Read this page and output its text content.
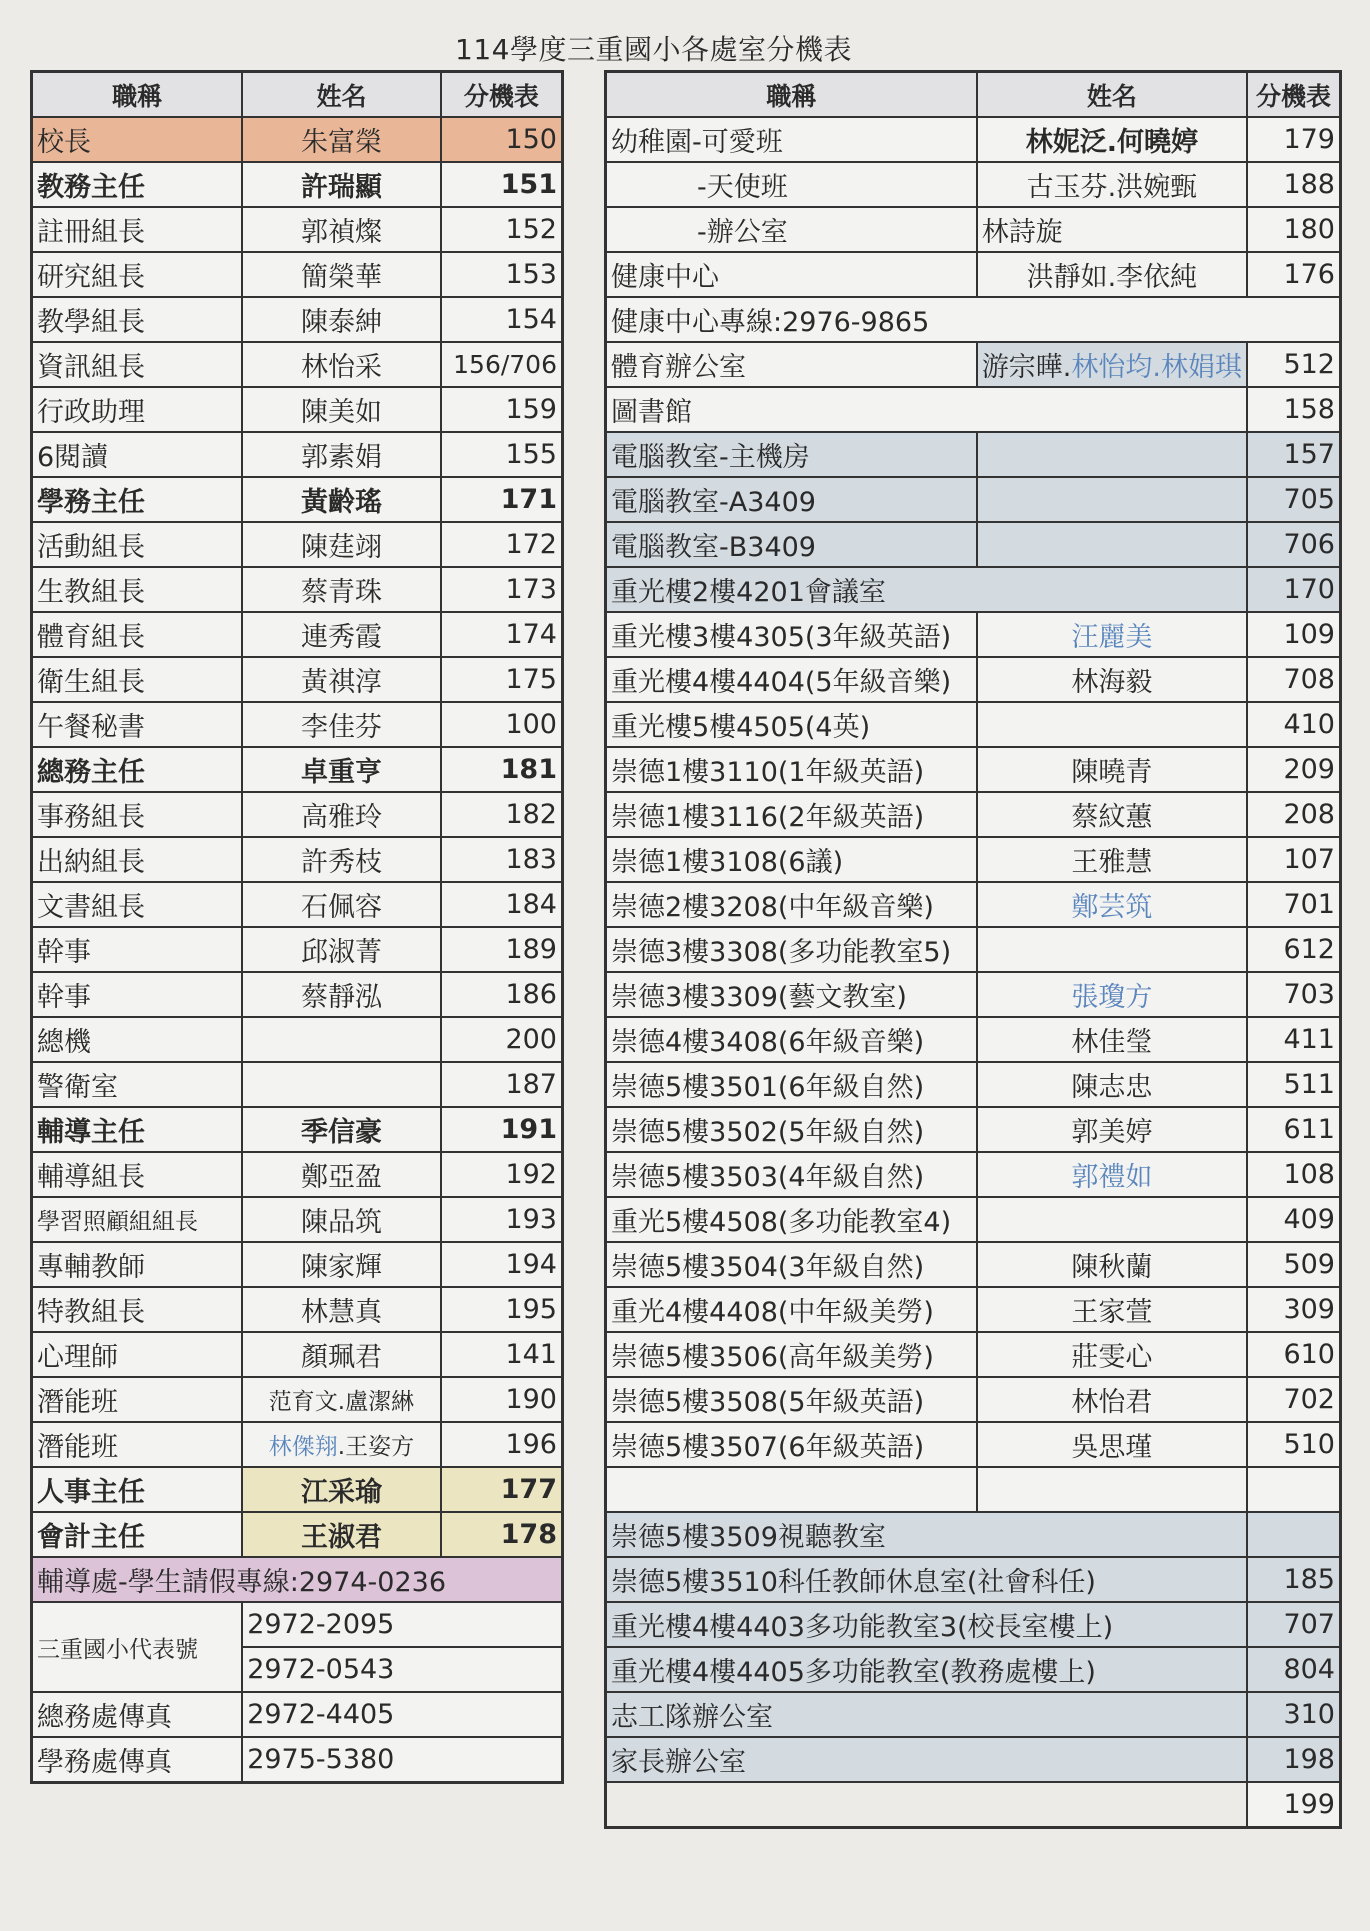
114學度三重國小各處室分機表
職稱	姓名	分機表
校長	朱富榮	150
教務主任	許瑞顯	151
註冊組長	郭禎燦	152
研究組長	簡榮華	153
教學組長	陳泰紳	154
資訊組長	林怡采	156/706
行政助理	陳美如	159
6閱讀	郭素娟	155
學務主任	黃齡瑤	171
活動組長	陳莛翊	172
生教組長	蔡青珠	173
體育組長	連秀霞	174
衛生組長	黃祺淳	175
午餐秘書	李佳芬	100
總務主任	卓重亨	181
事務組長	高雅玲	182
出納組長	許秀枝	183
文書組長	石佩容	184
幹事	邱淑菁	189
幹事	蔡靜泓	186
總機		200
警衛室		187
輔導主任	季信豪	191
輔導組長	鄭亞盈	192
學習照顧組組長	陳品筑	193
專輔教師	陳家輝	194
特教組長	林慧真	195
心理師	顏珮君	141
潛能班	范育文.盧潔綝	190
潛能班	林傑翔.王姿方	196
人事主任	江采瑜	177
會計主任	王淑君	178
輔導處-學生請假專線:2974-0236		
三重國小代表號	2972-2095	
	2972-0543	
總務處傳真	2972-4405	
學務處傳真	2975-5380	
職稱	姓名	分機表
幼稚園-可愛班	林妮泛.何曉婷	179
-天使班	古玉芬.洪婉甄	188
-辦公室	林詩旋	180
健康中心	洪靜如.李依純	176
健康中心專線:2976-9865		
體育辦公室	游宗曄.林怡均.林娟琪	512
圖書館		158
電腦教室-主機房		157
電腦教室-A3409		705
電腦教室-B3409		706
重光樓2樓4201會議室		170
重光樓3樓4305(3年級英語)	汪麗美	109
重光樓4樓4404(5年級音樂)	林海毅	708
重光樓5樓4505(4英)		410
崇德1樓3110(1年級英語)	陳曉青	209
崇德1樓3116(2年級英語)	蔡紋蕙	208
崇德1樓3108(6議)	王雅慧	107
崇德2樓3208(中年級音樂)	鄭芸筑	701
崇德3樓3308(多功能教室5)		612
崇德3樓3309(藝文教室)	張瓊方	703
崇德4樓3408(6年級音樂)	林佳瑩	411
崇德5樓3501(6年級自然)	陳志忠	511
崇德5樓3502(5年級自然)	郭美婷	611
崇德5樓3503(4年級自然)	郭禮如	108
重光5樓4508(多功能教室4)		409
崇德5樓3504(3年級自然)	陳秋蘭	509
重光4樓4408(中年級美勞)	王家萱	309
崇德5樓3506(高年級美勞)	莊雯心	610
崇德5樓3508(5年級英語)	林怡君	702
崇德5樓3507(6年級英語)	吳思瑾	510

崇德5樓3509視聽教室		
崇德5樓3510科任教師休息室(社會科任)		185
重光樓4樓4403多功能教室3(校長室樓上)		707
重光樓4樓4405多功能教室(教務處樓上)		804
志工隊辦公室		310
家長辦公室		198
		199
